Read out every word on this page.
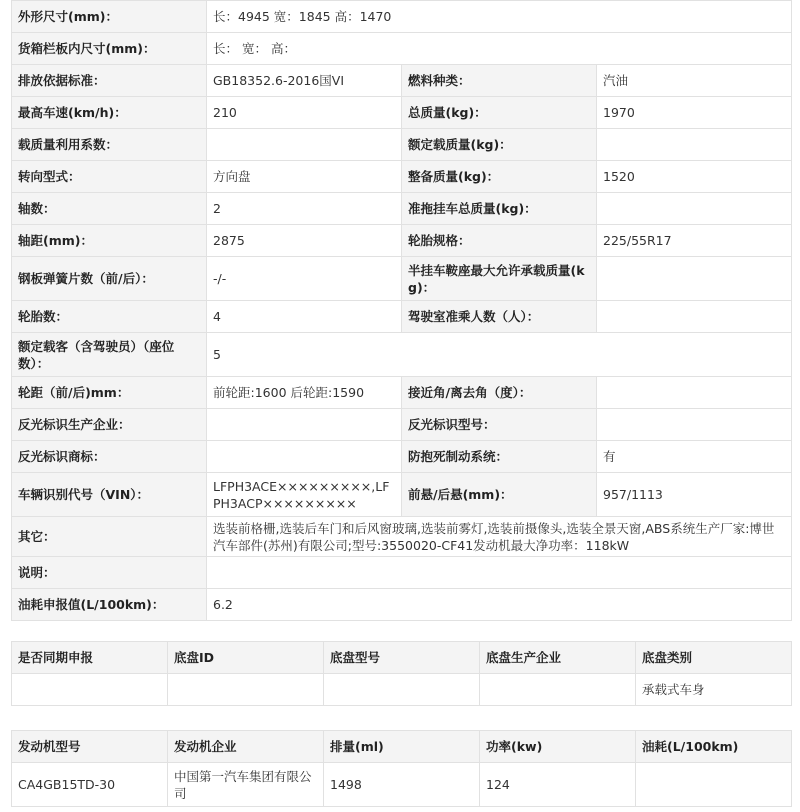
外形尺寸(mm)：	长：4945 宽：1845 高：1470		
货箱栏板内尺寸(mm)：	长： 宽： 高：		
排放依据标准：	GB18352.6-2016国VI	燃料种类：	汽油
最高车速(km/h)：	210	总质量(kg)：	1970
载质量利用系数：		额定载质量(kg)：	
转向型式：	方向盘	整备质量(kg)：	1520
轴数：	2	准拖挂车总质量(kg)：	
轴距(mm)：	2875	轮胎规格：	225/55R17
钢板弹簧片数（前/后）：	-/-	半挂车鞍座最大允许承载质量(kg)：	
轮胎数：	4	驾驶室准乘人数（人）：	
额定载客（含驾驶员）（座位数）：	5		
轮距（前/后)mm：	前轮距:1600 后轮距:1590	接近角/离去角（度）：	
反光标识生产企业：		反光标识型号：	
反光标识商标：		防抱死制动系统：	有
车辆识别代号（VIN）：	LFPH3ACE×××××××××,LFPH3ACP×××××××××	前悬/后悬(mm)：	957/1113
其它：	选装前格栅,选装后车门和后风窗玻璃,选装前雾灯,选装前摄像头,选装全景天窗,ABS系统生产厂家:博世汽车部件(苏州)有限公司;型号:3550020-CF41发动机最大净功率：118kW		
说明：			
油耗申报值(L/100km)：	6.2		
是否同期申报	底盘ID	底盘型号	底盘生产企业	底盘类别
				承载式车身
发动机型号	发动机企业	排量(ml)	功率(kw)	油耗(L/100km)
CA4GB15TD-30	中国第一汽车集团有限公司	1498	124	
